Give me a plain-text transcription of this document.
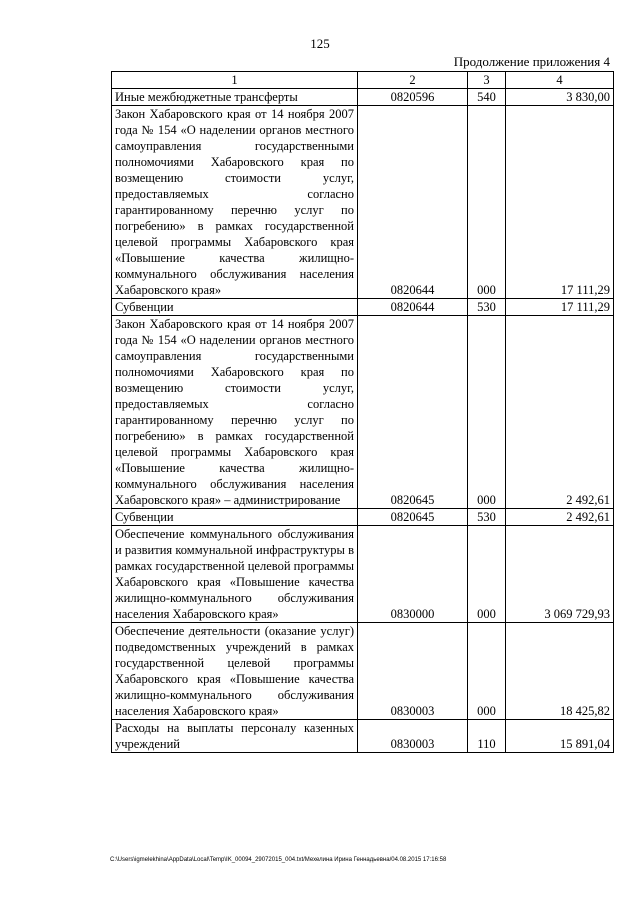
125
Продолжение приложения 4
1	2	3	4
Иные межбюджетные трансферты	0820596	540	3 830,00
Закон Хабаровского края от 14 ноября 2007 года № 154 «О наделении органов местного самоуправления государственными полномочиями Хабаровского края по возмещению стоимости услуг, предоставляемых согласно гарантированному перечню услуг по погребению» в рамках государственной целевой программы Хабаровского края «Повышение качества жилищно-коммунального обслуживания населения Хабаровского края»	0820644	000	17 111,29
Субвенции	0820644	530	17 111,29
Закон Хабаровского края от 14 ноября 2007 года № 154 «О наделении органов местного самоуправления государственными полномочиями Хабаровского края по возмещению стоимости услуг, предоставляемых согласно гарантированному перечню услуг по погребению» в рамках государственной целевой программы Хабаровского края «Повышение качества жилищно-коммунального обслуживания населения Хабаровского края» – администрирование	0820645	000	2 492,61
Субвенции	0820645	530	2 492,61
Обеспечение коммунального обслуживания и развития коммунальной инфраструктуры в рамках государственной целевой программы Хабаровского края «Повышение качества жилищно-коммунального обслуживания населения Хабаровского края»	0830000	000	3 069 729,93
Обеспечение деятельности (оказание услуг) подведомственных учреждений в рамках государственной целевой программы Хабаровского края «Повышение качества жилищно-коммунального обслуживания населения Хабаровского края»	0830003	000	18 425,82
Расходы на выплаты персоналу казенных учреждений	0830003	110	15 891,04
C:\Users\igmelekhina\AppData\Local\Temp\IK_00094_29072015_004.txt/Мехелина Ирина Геннадьевна/04.08.2015 17:16:58
